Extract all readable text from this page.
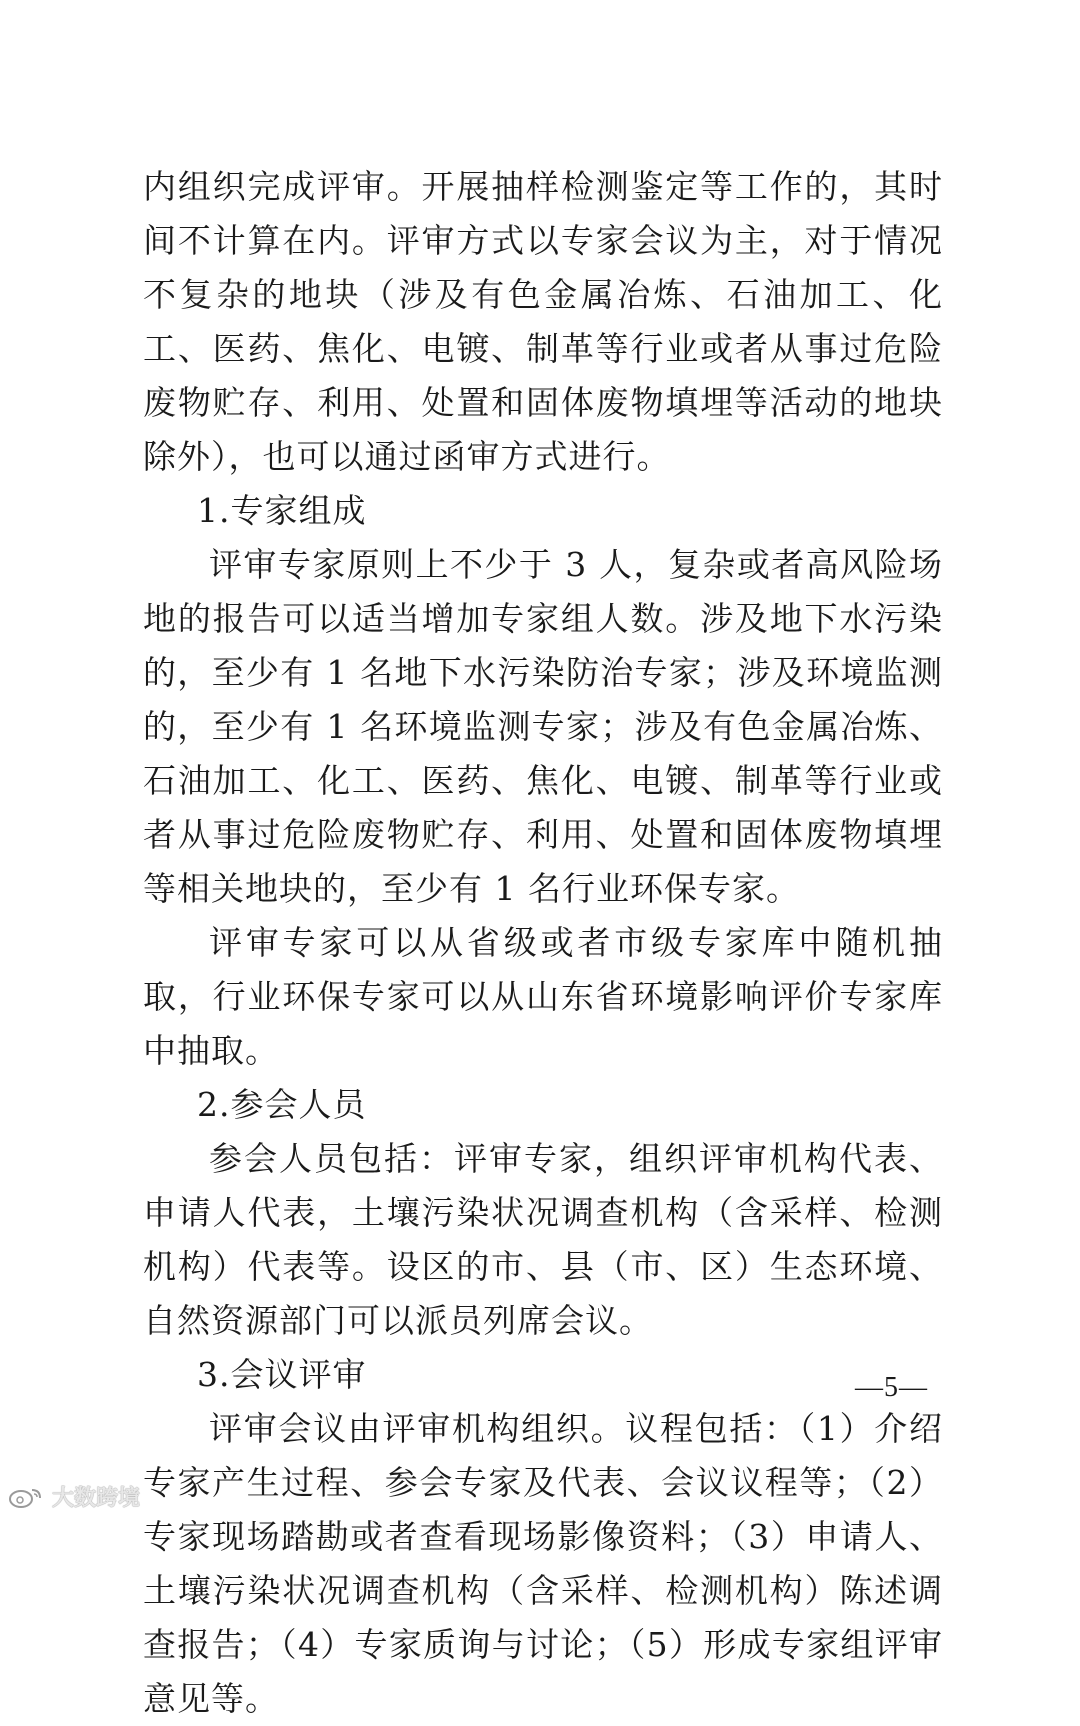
内组织完成评审。开展抽样检测鉴定等工作的，其时间不计算在内。评审方式以专家会议为主，对于情况不复杂的地块（涉及有色金属冶炼、石油加工、化工、医药、焦化、电镀、制革等行业或者从事过危险废物贮存、利用、处置和固体废物填埋等活动的地块除外），也可以通过函审方式进行。

1.专家组成

评审专家原则上不少于 3 人，复杂或者高风险场地的报告可以适当增加专家组人数。涉及地下水污染的，至少有 1 名地下水污染防治专家；涉及环境监测的，至少有 1 名环境监测专家；涉及有色金属冶炼、石油加工、化工、医药、焦化、电镀、制革等行业或者从事过危险废物贮存、利用、处置和固体废物填埋等相关地块的，至少有 1 名行业环保专家。

评审专家可以从省级或者市级专家库中随机抽取，行业环保专家可以从山东省环境影响评价专家库中抽取。

2.参会人员

参会人员包括：评审专家，组织评审机构代表、申请人代表，土壤污染状况调查机构（含采样、检测机构）代表等。设区的市、县（市、区）生态环境、自然资源部门可以派员列席会议。

3.会议评审

评审会议由评审机构组织。议程包括：（1）介绍专家产生过程、参会专家及代表、会议议程等；（2）专家现场踏勘或者查看现场影像资料；（3）申请人、土壤污染状况调查机构（含采样、检测机构）陈述调查报告；（4）专家质询与讨论；（5）形成专家组评审意见等。

—5—
大数跨境
